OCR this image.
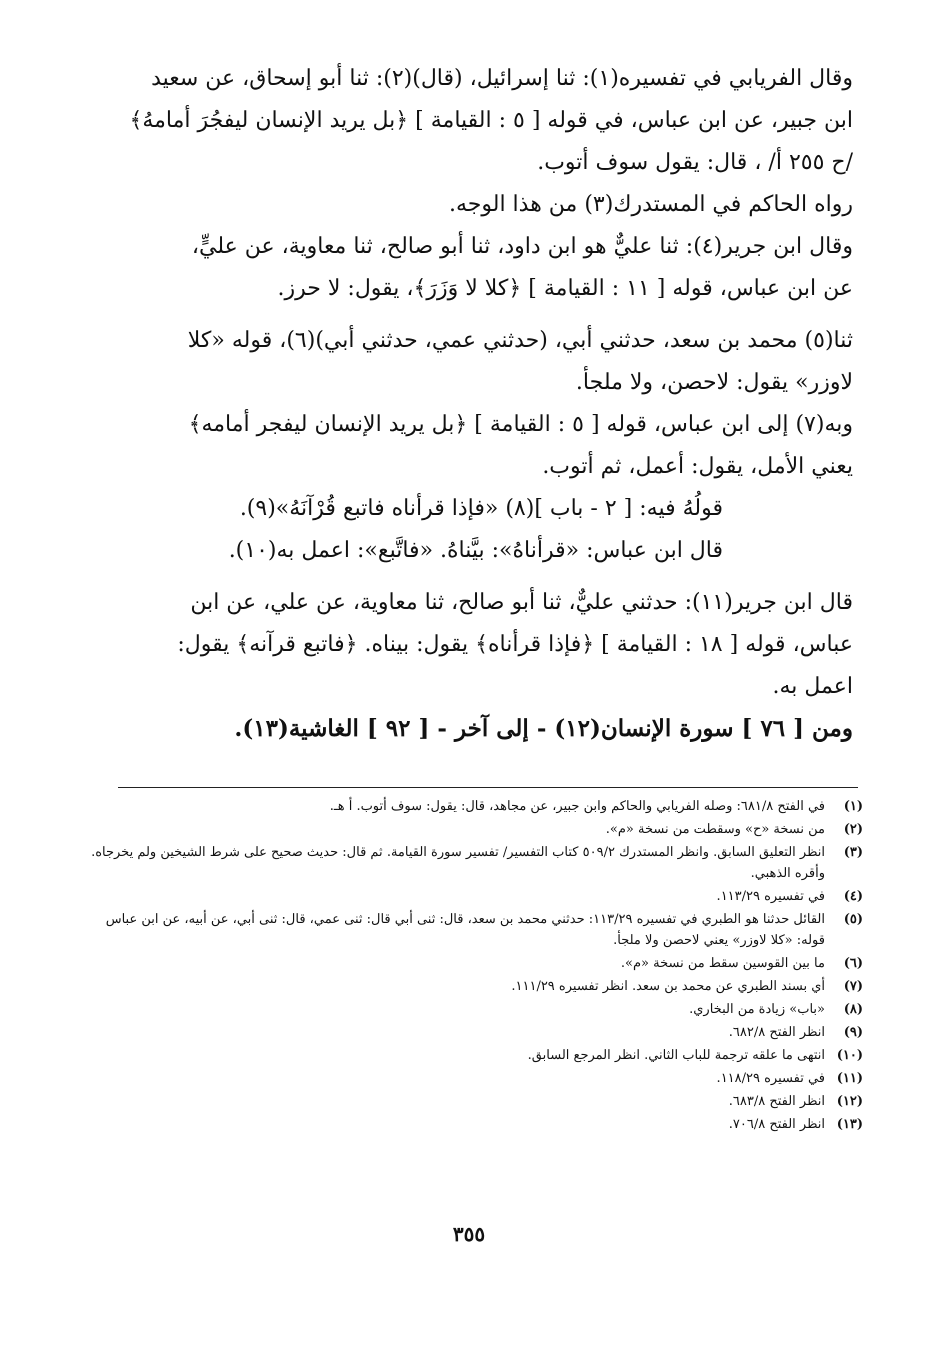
وقال الفريابي في تفسيره(١): ثنا إسرائيل، (قال)(٢): ثنا أبو إسحاق، عن سعيد
ابن جبير، عن ابن عباس، في قوله [ ٥ : القيامة ] ﴿بل يريد الإنسان ليفجُرَ أمامهُ﴾
/ح ٢٥٥ أ/ ، قال: يقول سوف أتوب.
رواه الحاكم في المستدرك(٣) من هذا الوجه.
وقال ابن جرير(٤): ثنا عليٌّ هو ابن داود، ثنا أبو صالح، ثنا معاوية، عن عليٍّ،
عن ابن عباس، قوله [ ١١ : القيامة ] ﴿كلا لا وَزَرَ﴾، يقول: لا حرز.
ثنا(٥) محمد بن سعد، حدثني أبي، (حدثني عمي، حدثني أبي)(٦)، قوله «كلا
لاوزر» يقول: لاحصن، ولا ملجأ.
وبه(٧) إلى ابن عباس، قوله [ ٥ : القيامة ] ﴿بل يريد الإنسان ليفجر أمامه﴾
يعني الأمل، يقول: أعمل، ثم أتوب.
قولُهُ فيه: [ ٢ - باب ](٨) «فإذا قرأناه فاتبع قُرْآنَهُ»(٩).
قال ابن عباس: «قرأناهُ»: بيَّناهُ. «فاتَّبع»: اعمل به(١٠).
قال ابن جرير(١١): حدثني عليٌّ، ثنا أبو صالح، ثنا معاوية، عن علي، عن ابن
عباس، قوله [ ١٨ : القيامة ] ﴿فإذا قرأناه﴾ يقول: بيناه. ﴿فاتبع قرآنه﴾ يقول:
اعمل به.
ومن [ ٧٦ ] سورة الإنسان(١٢) - إلى آخر - [ ٩٢ ] الغاشية(١٣).
(١)
في الفتح ٦٨١/٨: وصله الفريابي والحاكم وابن جبير، عن مجاهد، قال: يقول: سوف أتوب. أ هـ.
(٢)
من نسخة «ح» وسقطت من نسخة «م».
(٣)
انظر التعليق السابق. وانظر المستدرك ٥٠٩/٢ كتاب التفسير/ تفسير سورة القيامة. ثم قال: حديث صحيح على شرط الشيخين ولم يخرجاه. وأقره الذهبي.
(٤)
في تفسيره ١١٣/٢٩.
(٥)
القائل حدثنا هو الطبري في تفسيره ١١٣/٢٩: حدثني محمد بن سعد، قال: ثنى أبي قال: ثنى عمي، قال: ثنى أبي، عن أبيه، عن ابن عباس قوله: «كلا لاوزر» يعني لاحصن ولا ملجأ.
(٦)
ما بين القوسين سقط من نسخة «م».
(٧)
أي بسند الطبري عن محمد بن سعد. انظر تفسيره ١١١/٢٩.
(٨)
«باب» زيادة من البخاري.
(٩)
انظر الفتح ٦٨٢/٨.
(١٠)
انتهى ما علقه ترجمة للباب الثاني. انظر المرجع السابق.
(١١)
في تفسيره ١١٨/٢٩.
(١٢)
انظر الفتح ٦٨٣/٨.
(١٣)
انظر الفتح ٧٠٦/٨.
٣٥٥
